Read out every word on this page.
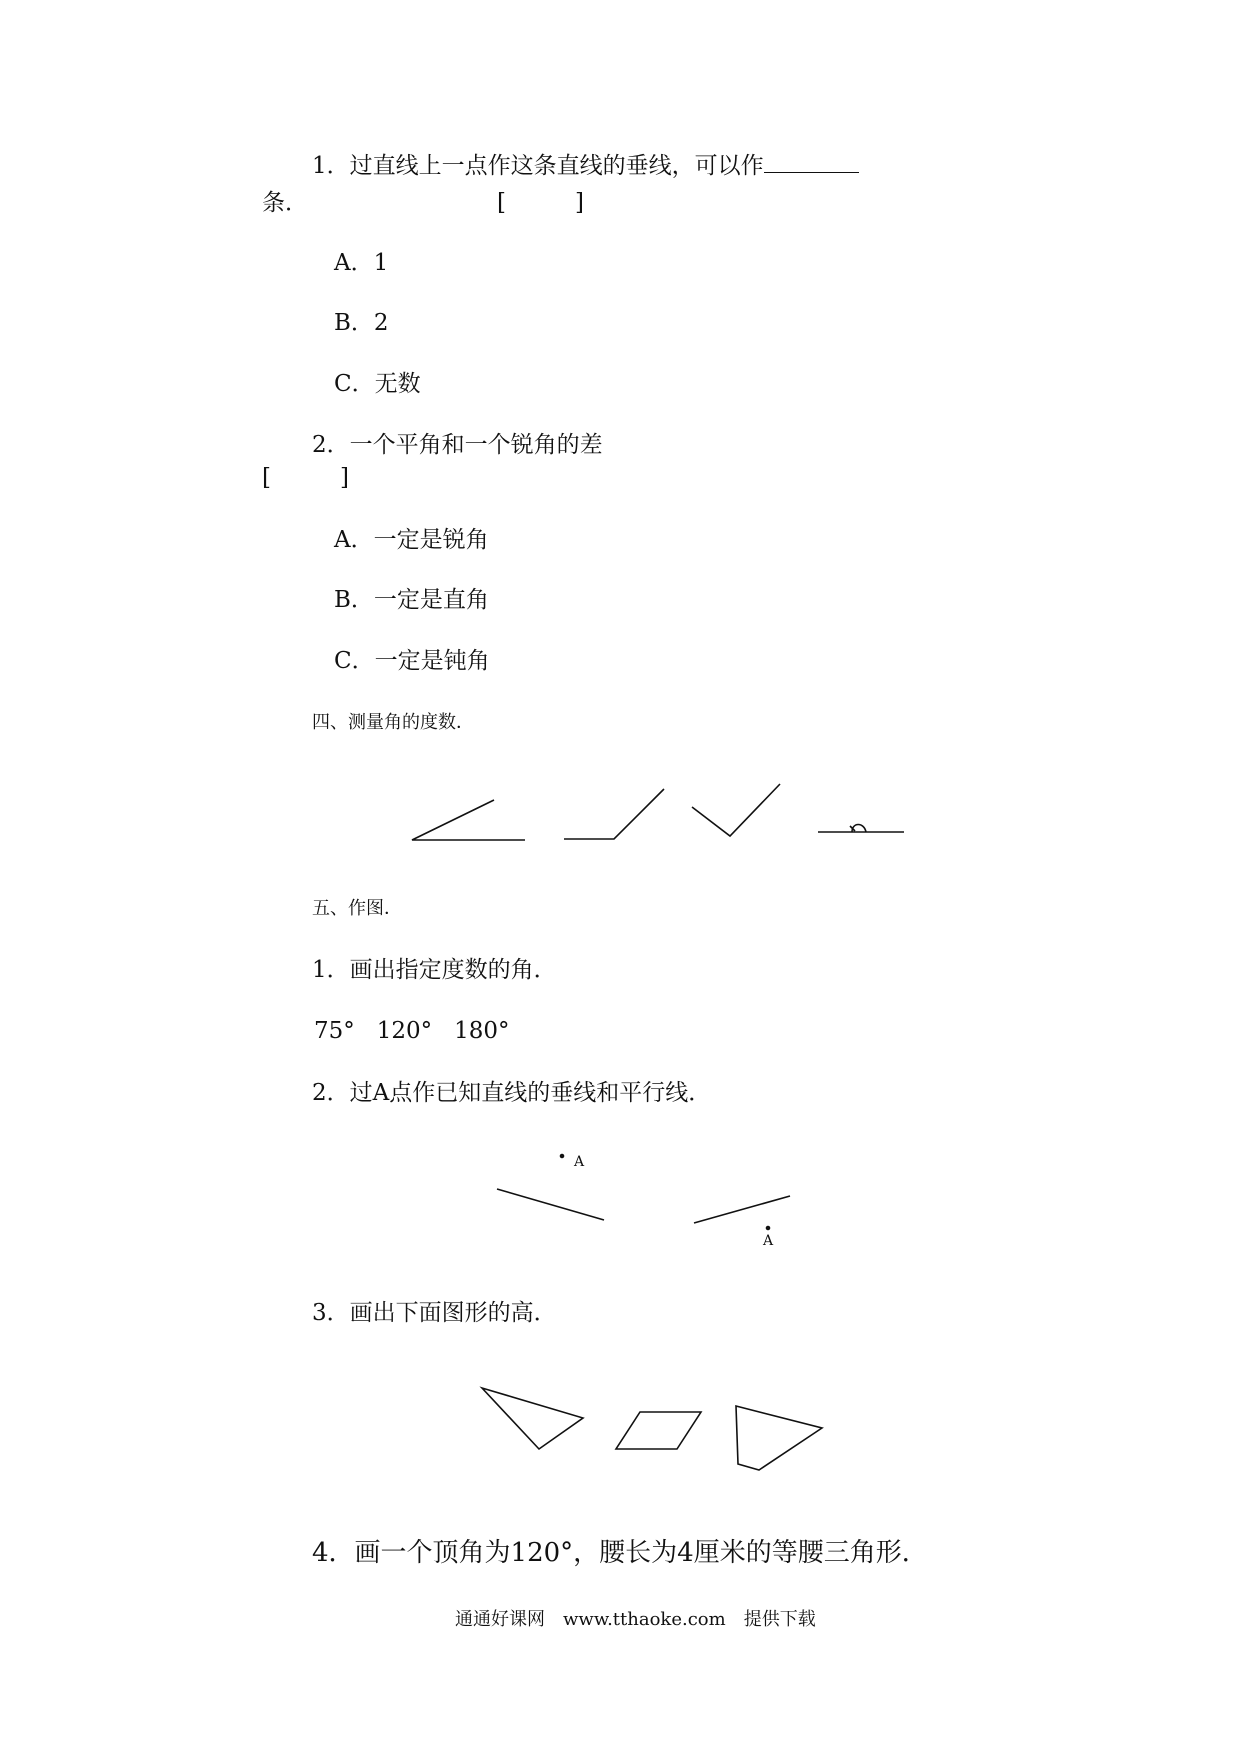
1．过直线上一点作这条直线的垂线，可以作
条．	[　　　]
A．1
B．2
C．无数
2．一个平角和一个锐角的差
[　　　]
A．一定是锐角
B．一定是直角
C．一定是钝角
四、测量角的度数．
五、作图．
1．画出指定度数的角．
75° 120° 180°
2．过A点作已知直线的垂线和平行线．
3．画出下面图形的高．
4．画一个顶角为120°，腰长为4厘米的等腰三角形．
A
A
通通好课网　www.tthaoke.com　提供下载
